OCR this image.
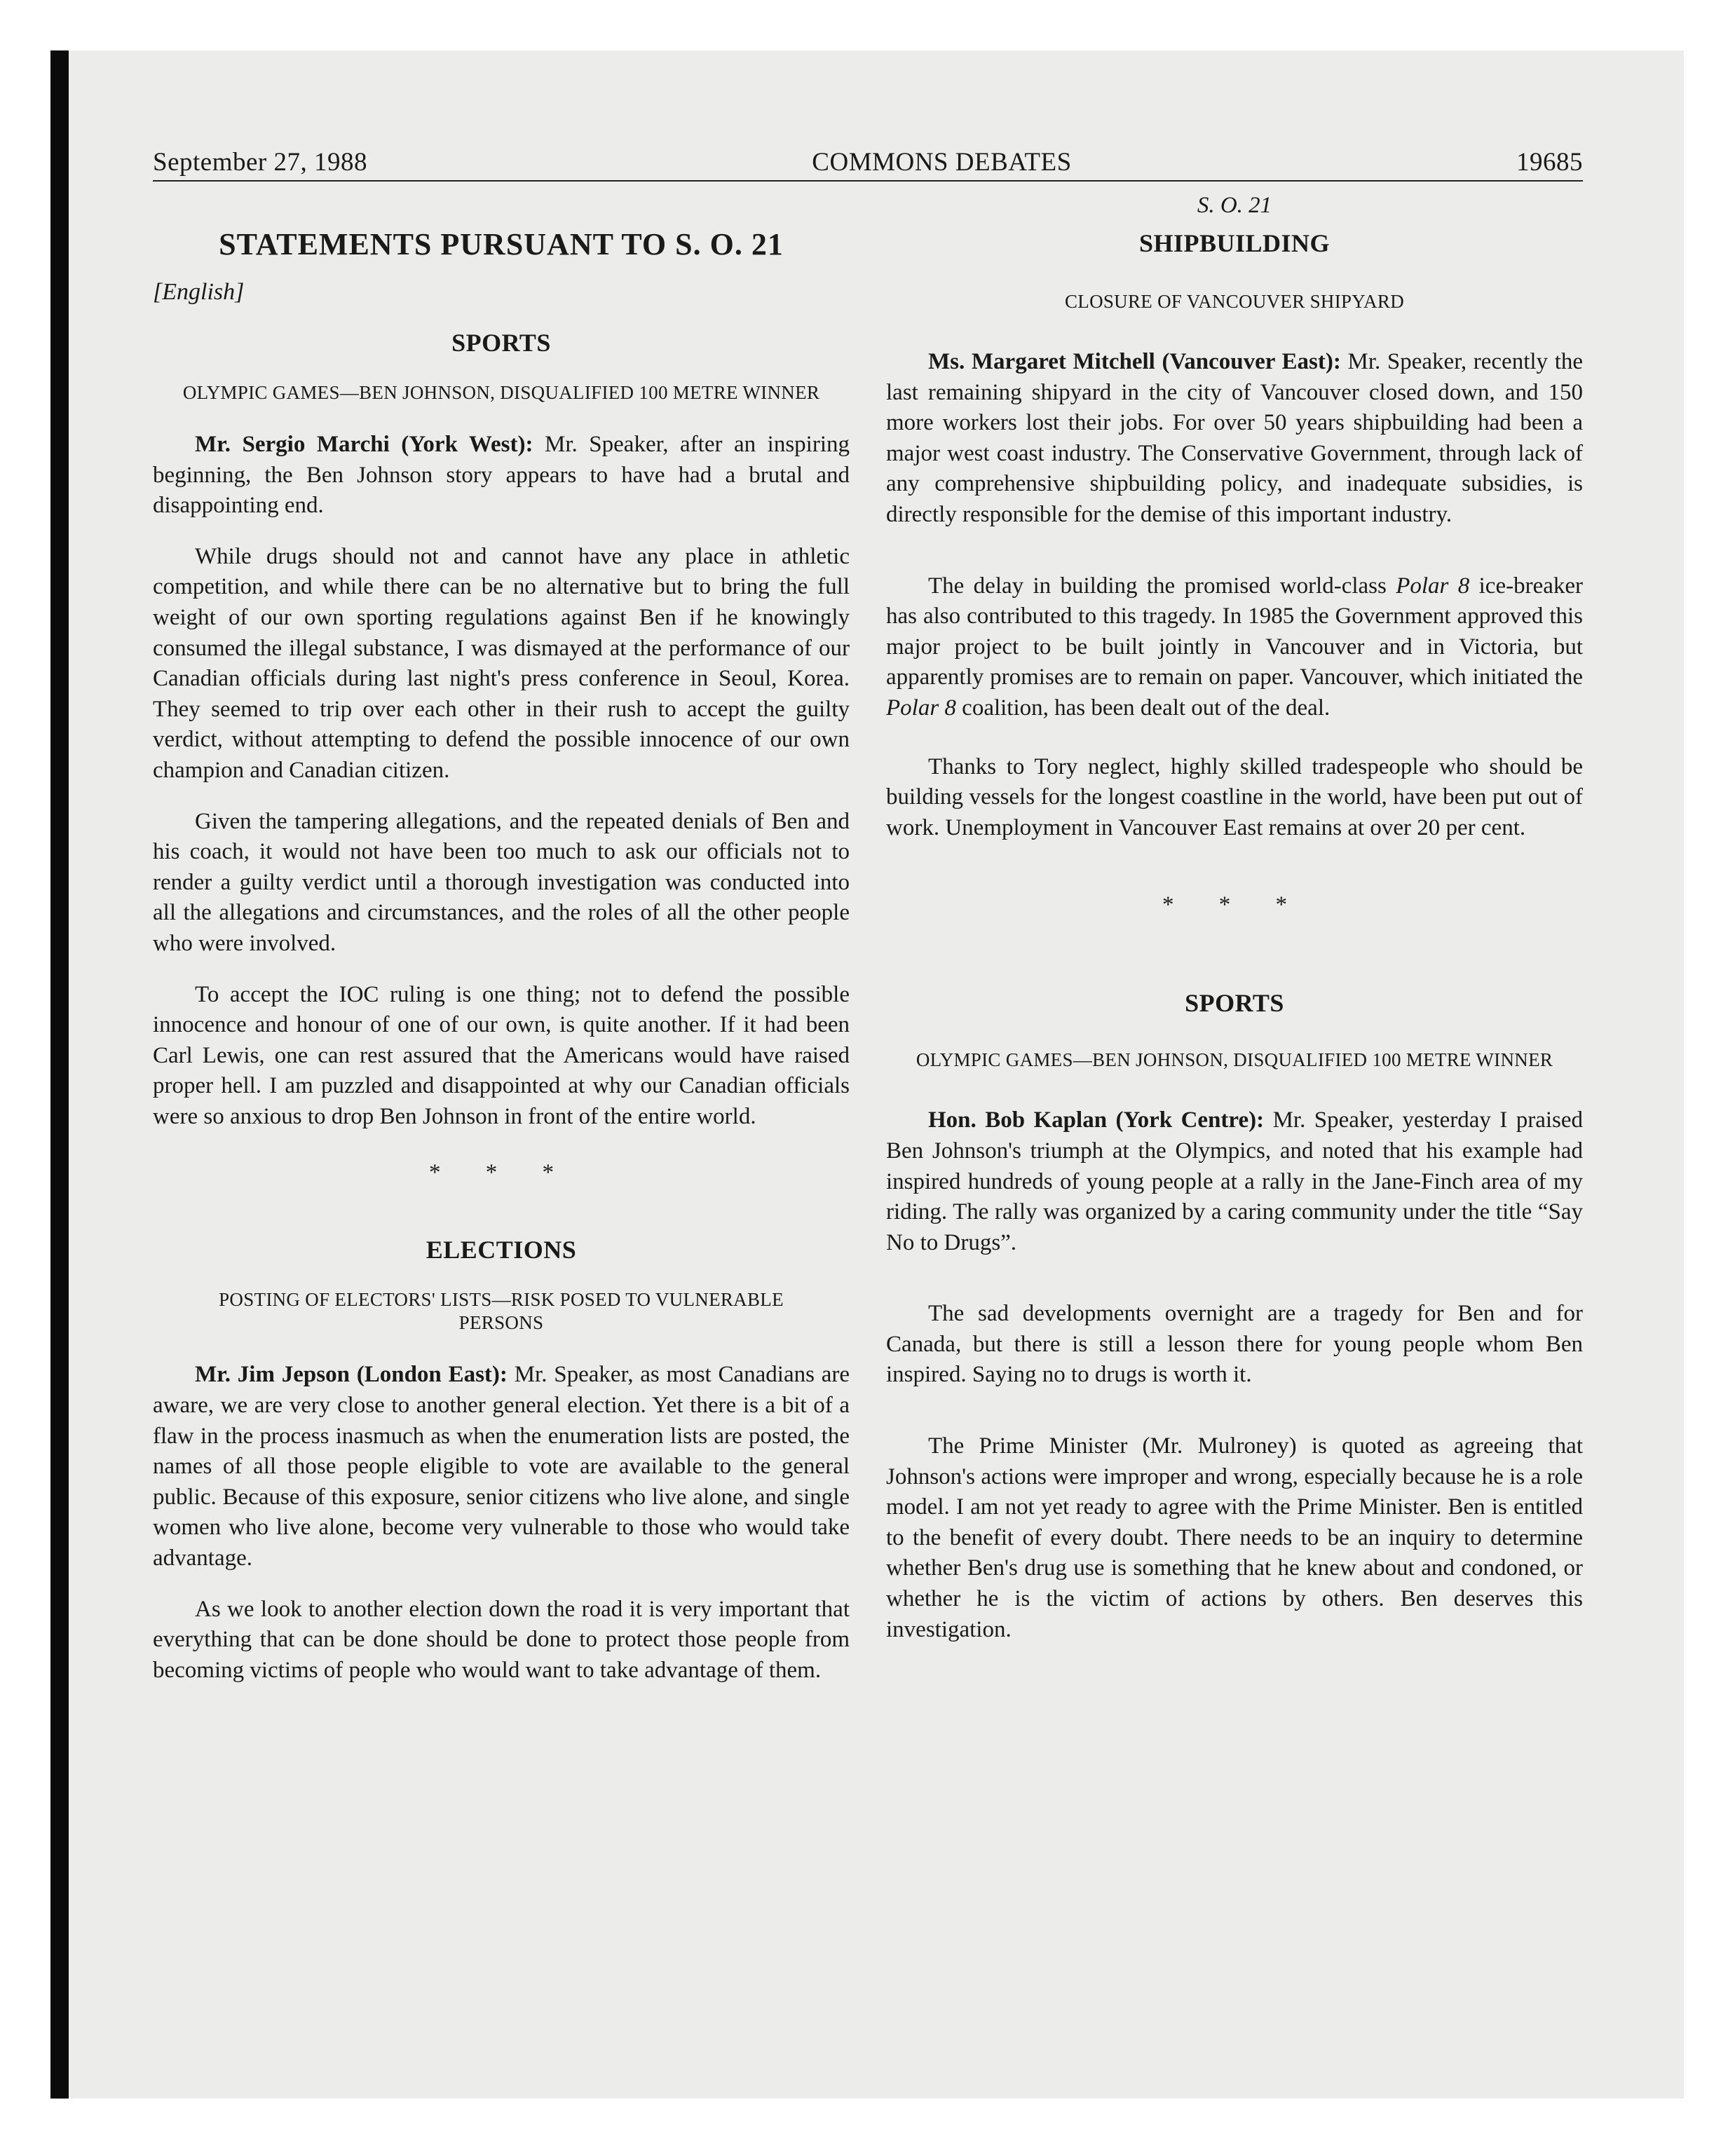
September 27, 1988	COMMONS DEBATES	19685
STATEMENTS PURSUANT TO S. O. 21
[English]
SPORTS
OLYMPIC GAMES—BEN JOHNSON, DISQUALIFIED 100 METRE WINNER

Mr. Sergio Marchi (York West): Mr. Speaker, after an inspiring beginning, the Ben Johnson story appears to have had a brutal and disappointing end.

While drugs should not and cannot have any place in athletic competition, and while there can be no alternative but to bring the full weight of our own sporting regulations against Ben if he knowingly consumed the illegal substance, I was dismayed at the performance of our Canadian officials during last night's press conference in Seoul, Korea. They seemed to trip over each other in their rush to accept the guilty verdict, without attempting to defend the possible innocence of our own champion and Canadian citizen.

Given the tampering allegations, and the repeated denials of Ben and his coach, it would not have been too much to ask our officials not to render a guilty verdict until a thorough investigation was conducted into all the allegations and circumstances, and the roles of all the other people who were involved.

To accept the IOC ruling is one thing; not to defend the possible innocence and honour of one of our own, is quite another. If it had been Carl Lewis, one can rest assured that the Americans would have raised proper hell. I am puzzled and disappointed at why our Canadian officials were so anxious to drop Ben Johnson in front of the entire world.

* * *
ELECTIONS
POSTING OF ELECTORS' LISTS—RISK POSED TO VULNERABLE PERSONS

Mr. Jim Jepson (London East): Mr. Speaker, as most Canadians are aware, we are very close to another general election. Yet there is a bit of a flaw in the process inasmuch as when the enumeration lists are posted, the names of all those people eligible to vote are available to the general public. Because of this exposure, senior citizens who live alone, and single women who live alone, become very vulnerable to those who would take advantage.

As we look to another election down the road it is very important that everything that can be done should be done to protect those people from becoming victims of people who would want to take advantage of them.

S. O. 21
SHIPBUILDING
CLOSURE OF VANCOUVER SHIPYARD

Ms. Margaret Mitchell (Vancouver East): Mr. Speaker, recently the last remaining shipyard in the city of Vancouver closed down, and 150 more workers lost their jobs. For over 50 years shipbuilding had been a major west coast industry. The Conservative Government, through lack of any comprehensive shipbuilding policy, and inadequate subsidies, is directly responsible for the demise of this important industry.

The delay in building the promised world-class Polar 8 ice-breaker has also contributed to this tragedy. In 1985 the Government approved this major project to be built jointly in Vancouver and in Victoria, but apparently promises are to remain on paper. Vancouver, which initiated the Polar 8 coalition, has been dealt out of the deal.

Thanks to Tory neglect, highly skilled tradespeople who should be building vessels for the longest coastline in the world, have been put out of work. Unemployment in Vancouver East remains at over 20 per cent.

* * *
SPORTS
OLYMPIC GAMES—BEN JOHNSON, DISQUALIFIED 100 METRE WINNER

Hon. Bob Kaplan (York Centre): Mr. Speaker, yesterday I praised Ben Johnson's triumph at the Olympics, and noted that his example had inspired hundreds of young people at a rally in the Jane-Finch area of my riding. The rally was organized by a caring community under the title “Say No to Drugs”.

The sad developments overnight are a tragedy for Ben and for Canada, but there is still a lesson there for young people whom Ben inspired. Saying no to drugs is worth it.

The Prime Minister (Mr. Mulroney) is quoted as agreeing that Johnson's actions were improper and wrong, especially because he is a role model. I am not yet ready to agree with the Prime Minister. Ben is entitled to the benefit of every doubt. There needs to be an inquiry to determine whether Ben's drug use is something that he knew about and condoned, or whether he is the victim of actions by others. Ben deserves this investigation.
